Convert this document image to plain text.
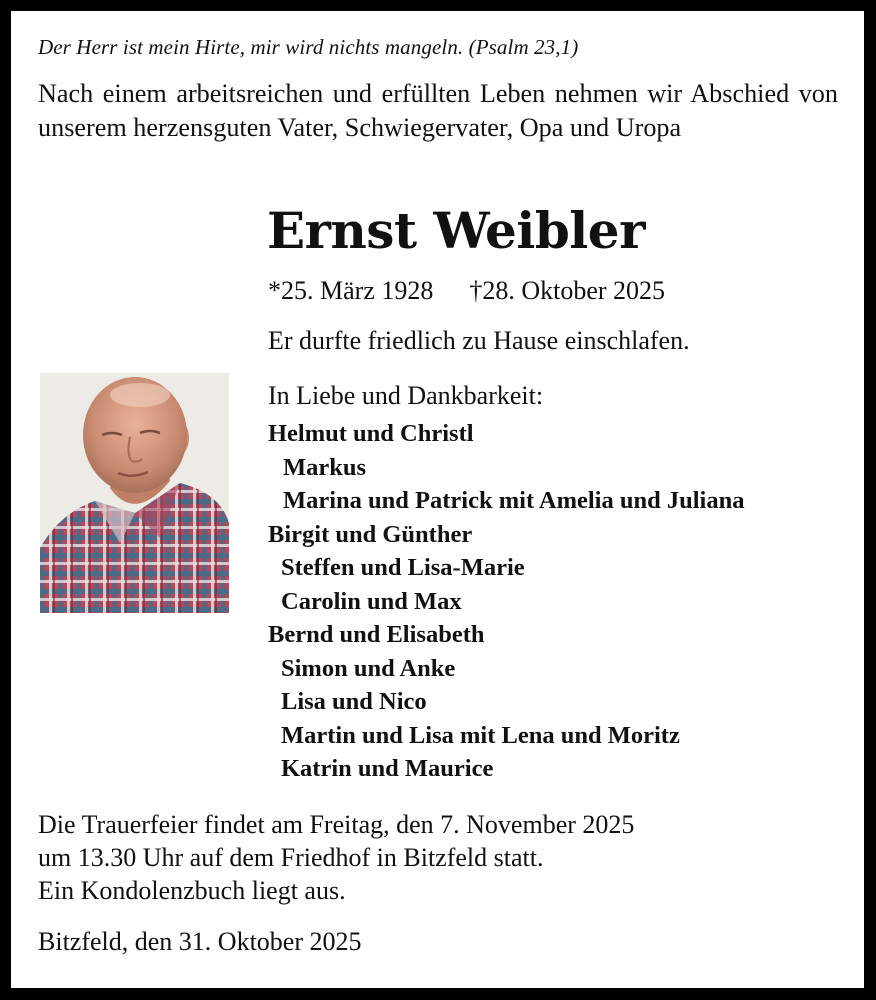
Der Herr ist mein Hirte, mir wird nichts mangeln. (Psalm 23,1)
Nach einem arbeitsreichen und erfüllten Leben nehmen wir Abschied von unserem herzensguten Vater, Schwiegervater, Opa und Uropa
Ernst Weibler
*25. März 1928 †28. Oktober 2025
Er durfte friedlich zu Hause einschlafen.
In Liebe und Dankbarkeit:
Helmut und Christl
Markus
Marina und Patrick mit Amelia und Juliana
Birgit und Günther
Steffen und Lisa-Marie
Carolin und Max
Bernd und Elisabeth
Simon und Anke
Lisa und Nico
Martin und Lisa mit Lena und Moritz
Katrin und Maurice
Die Trauerfeier findet am Freitag, den 7. November 2025
um 13.30 Uhr auf dem Friedhof in Bitzfeld statt.
Ein Kondolenzbuch liegt aus.
Bitzfeld, den 31. Oktober 2025
